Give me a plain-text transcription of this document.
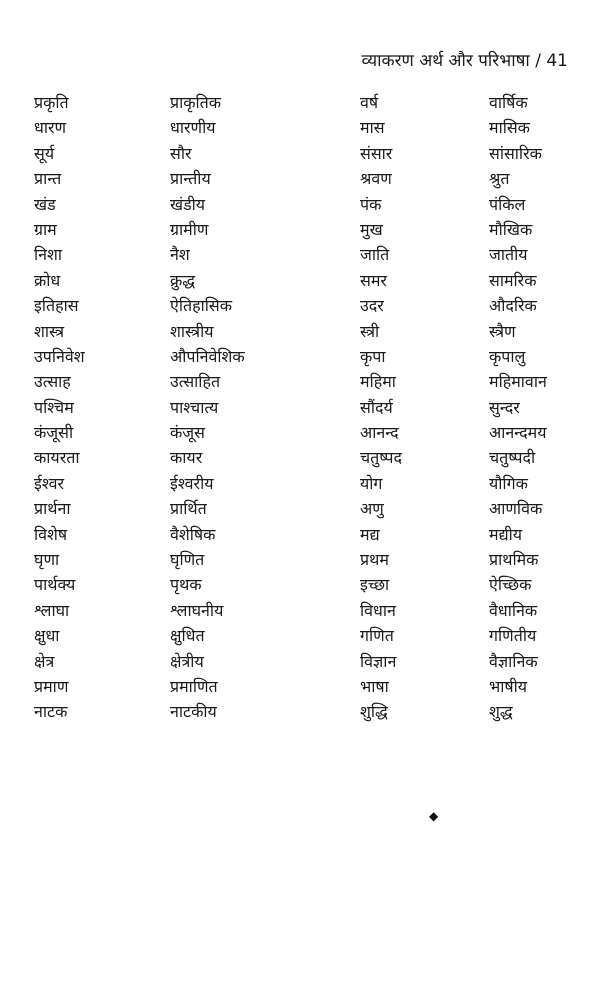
व्याकरण अर्थ और परिभाषा / 41
प्रकृति	प्राकृतिक	वर्ष	वार्षिक
धारण	धारणीय	मास	मासिक
सूर्य	सौर	संसार	सांसारिक
प्रान्त	प्रान्तीय	श्रवण	श्रुत
खंड	खंडीय	पंक	पंकिल
ग्राम	ग्रामीण	मुख	मौखिक
निशा	नैश	जाति	जातीय
क्रोध	क्रुद्ध	समर	सामरिक
इतिहास	ऐतिहासिक	उदर	औदरिक
शास्त्र	शास्त्रीय	स्त्री	स्त्रैण
उपनिवेश	औपनिवेशिक	कृपा	कृपालु
उत्साह	उत्साहित	महिमा	महिमावान
पश्चिम	पाश्चात्य	सौंदर्य	सुन्दर
कंजूसी	कंजूस	आनन्द	आनन्दमय
कायरता	कायर	चतुष्पद	चतुष्पदी
ईश्वर	ईश्वरीय	योग	यौगिक
प्रार्थना	प्रार्थित	अणु	आणविक
विशेष	वैशेषिक	मद्य	मद्यीय
घृणा	घृणित	प्रथम	प्राथमिक
पार्थक्य	पृथक	इच्छा	ऐच्छिक
श्लाघा	श्लाघनीय	विधान	वैधानिक
क्षुधा	क्षुधित	गणित	गणितीय
क्षेत्र	क्षेत्रीय	विज्ञान	वैज्ञानिक
प्रमाण	प्रमाणित	भाषा	भाषीय
नाटक	नाटकीय	शुद्धि	शुद्ध
◆
